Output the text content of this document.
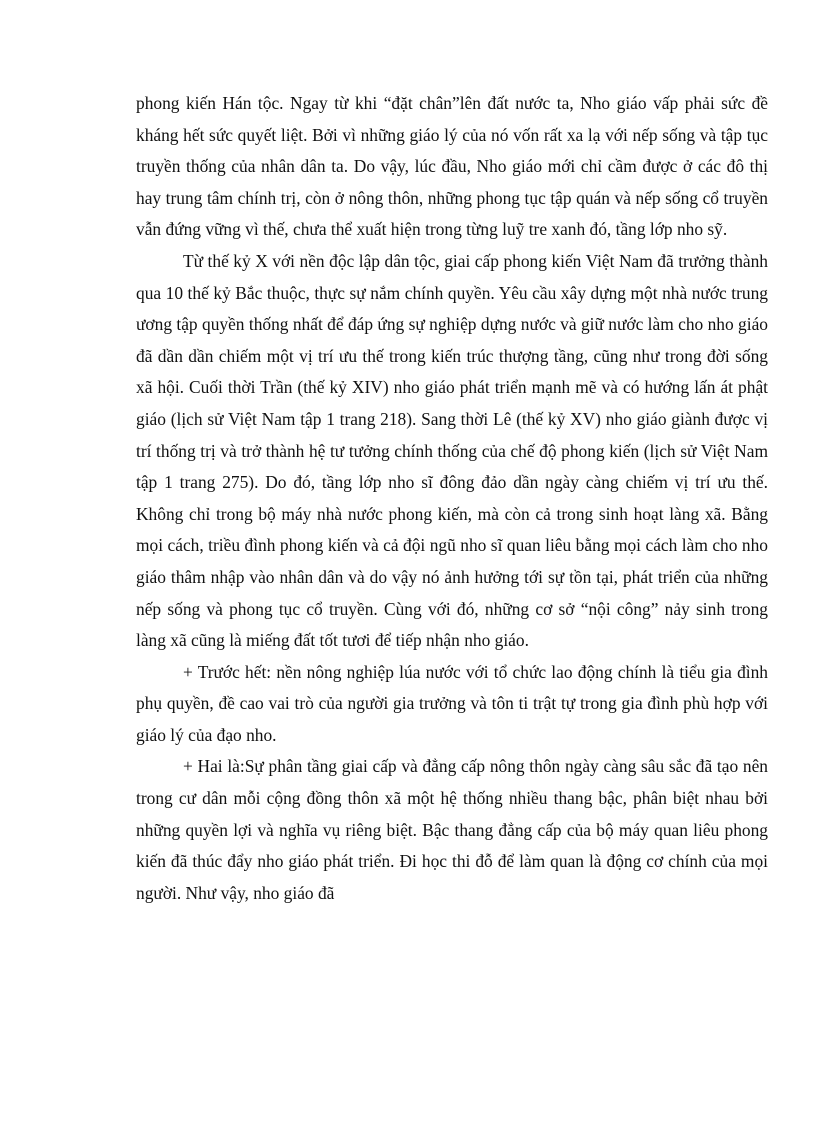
phong kiến Hán tộc. Ngay từ khi “đặt chân”lên đất nước ta, Nho giáo vấp phải sức đề kháng hết sức quyết liệt. Bởi vì những giáo lý của nó vốn rất xa lạ với nếp sống và tập tục truyền thống của nhân dân ta. Do vậy, lúc đầu, Nho giáo mới chỉ cầm được ở các đô thị hay trung tâm chính trị, còn ở nông thôn, những phong tục tập quán và nếp sống cổ truyền vẫn đứng vững vì thế, chưa thể xuất hiện trong từng luỹ tre xanh đó, tầng lớp nho sỹ.

Từ thế kỷ X với nền độc lập dân tộc, giai cấp phong kiến Việt Nam đã trưởng thành qua 10 thế kỷ Bắc thuộc, thực sự nắm chính quyền. Yêu cầu xây dựng một nhà nước trung ương tập quyền thống nhất để đáp ứng sự nghiệp dựng nước và giữ nước làm cho nho giáo đã dần dần chiếm một vị trí ưu thế trong kiến trúc thượng tầng, cũng như trong đời sống xã hội. Cuối thời Trần (thế kỷ XIV) nho giáo phát triển mạnh mẽ và có hướng lấn át phật giáo (lịch sử Việt Nam tập 1 trang 218). Sang thời Lê (thế kỷ XV) nho giáo giành được vị trí thống trị và trở thành hệ tư tưởng chính thống của chế độ phong kiến (lịch sử Việt Nam tập 1 trang 275). Do đó, tầng lớp nho sĩ đông đảo dần ngày càng chiếm vị trí ưu thế. Không chỉ trong bộ máy nhà nước phong kiến, mà còn cả trong sinh hoạt làng xã. Bằng mọi cách, triều đình phong kiến và cả đội ngũ nho sĩ quan liêu bằng mọi cách làm cho nho giáo thâm nhập vào nhân dân và do vậy nó ảnh hưởng tới sự tồn tại, phát triển của những nếp sống và phong tục cổ truyền. Cùng với đó, những cơ sở “nội công” nảy sinh trong làng xã cũng là miếng đất tốt tươi để tiếp nhận nho giáo.

+ Trước hết: nền nông nghiệp lúa nước với tổ chức lao động chính là tiểu gia đình phụ quyền, đề cao vai trò của người gia trưởng và tôn ti trật tự trong gia đình phù hợp với giáo lý của đạo nho.

+ Hai là:Sự phân tầng giai cấp và đẳng cấp nông thôn ngày càng sâu sắc đã tạo nên trong cư dân mỗi cộng đồng thôn xã một hệ thống nhiều thang bậc, phân biệt nhau bởi những quyền lợi và nghĩa vụ riêng biệt. Bậc thang đẳng cấp của bộ máy quan liêu phong kiến đã thúc đẩy nho giáo phát triển. Đi học thi đỗ để làm quan là động cơ chính của mọi người. Như vậy, nho giáo đã
